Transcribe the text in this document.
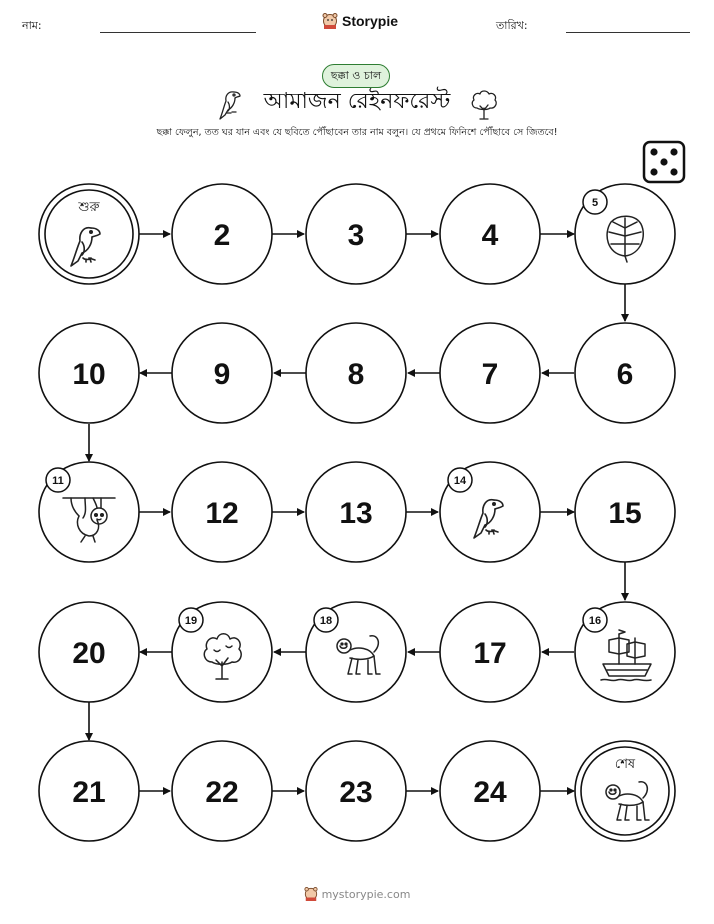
নাম:	Storypie	তারিখ:
ছক্কা ও চাল
আমাজন রেইনফরেস্ট
ছক্কা ফেলুন, তত ঘর যান এবং যে ছবিতে পৌঁছাবেন তার নাম বলুন। যে প্রথমে ফিনিশে পৌঁছাবে সে জিতবে!
শুরু
2	3	4
5
10	9	8	7	6
11
12	13
14
15
20
19	18
17
16
21	22	23	24
শেষ
mystorypie.com
